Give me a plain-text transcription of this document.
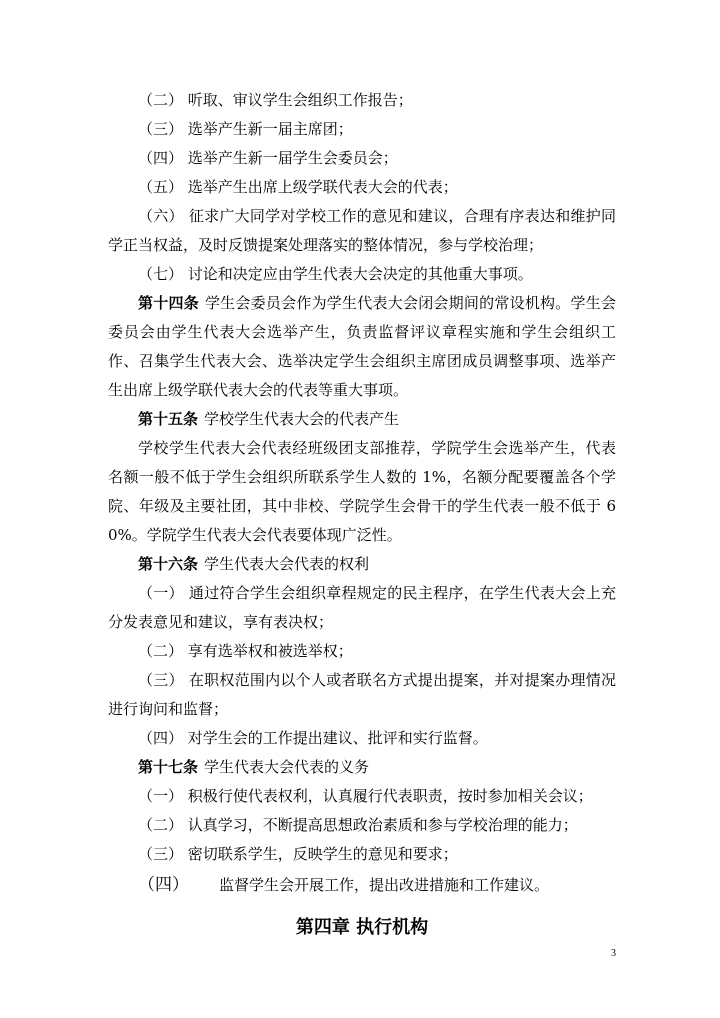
（二） 听取、审议学生会组织工作报告；

（三） 选举产生新一届主席团；

（四） 选举产生新一届学生会委员会；

（五） 选举产生出席上级学联代表大会的代表；

（六） 征求广大同学对学校工作的意见和建议，合理有序表达和维护同学正当权益，及时反馈提案处理落实的整体情况，参与学校治理；

（七） 讨论和决定应由学生代表大会决定的其他重大事项。

第十四条 学生会委员会作为学生代表大会闭会期间的常设机构。学生会委员会由学生代表大会选举产生，负责监督评议章程实施和学生会组织工作、召集学生代表大会、选举决定学生会组织主席团成员调整事项、选举产生出席上级学联代表大会的代表等重大事项。

第十五条 学校学生代表大会的代表产生

学校学生代表大会代表经班级团支部推荐，学院学生会选举产生，代表名额一般不低于学生会组织所联系学生人数的 1%，名额分配要覆盖各个学院、年级及主要社团，其中非校、学院学生会骨干的学生代表一般不低于 60%。学院学生代表大会代表要体现广泛性。

第十六条 学生代表大会代表的权利

（一） 通过符合学生会组织章程规定的民主程序，在学生代表大会上充分发表意见和建议，享有表决权；

（二） 享有选举权和被选举权；

（三） 在职权范围内以个人或者联名方式提出提案，并对提案办理情况进行询问和监督；

（四） 对学生会的工作提出建议、批评和实行监督。

第十七条 学生代表大会代表的义务

（一） 积极行使代表权利，认真履行代表职责，按时参加相关会议；

（二） 认真学习，不断提高思想政治素质和参与学校治理的能力；

（三） 密切联系学生，反映学生的意见和要求；

（四） 监督学生会开展工作，提出改进措施和工作建议。
第四章 执行机构
3
